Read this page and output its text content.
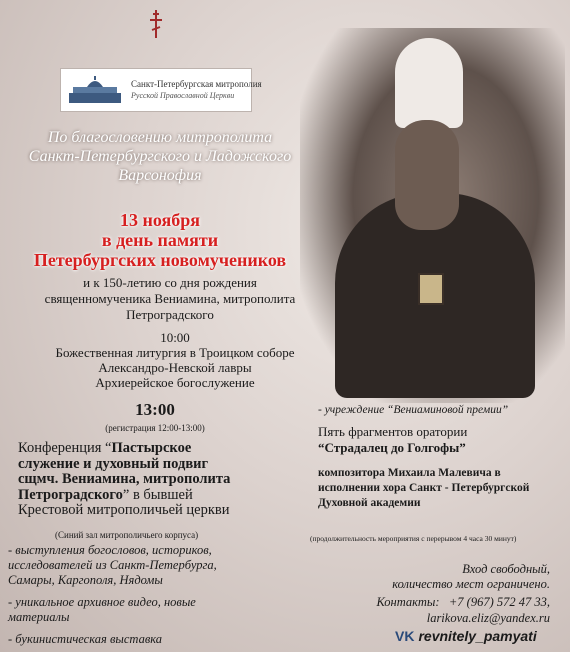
Санкт-Петербургская митрополия
Русской Православной Церкви
По благословению митрополита
Санкт-Петербургского и Ладожского
Варсонофия
13 ноября
в день памяти
Петербургских новомучеников
и к 150-летию со дня рождения
священномученика Вениамина, митрополита
Петроградского
10:00
Божественная литургия в Троицком соборе
Александро-Невской лавры
Архиерейское богослужение
13:00
(регистрация 12:00-13:00)
Конференция “Пастырское
служение и духовный подвиг
сщмч. Вениамина, митрополита
Петроградского” в бывшей
Крестовой митрополичьей церкви
(Синий зал митрополичьего корпуса)
- выступления богословов, историков,
исследователей из Санкт-Петербурга,
Самары, Каргополя, Нядомы
- уникальное архивное видео, новые
материалы
- букинистическая выставка
- учреждение “Вениаминовой премии”
Пять фрагментов оратории
“Страдалец до Голгофы”
композитора Михаила Малевича в
исполнении хора Санкт - Петербургской
Духовной академии
(продолжительность мероприятия с перерывом 4 часа 30 минут)
Вход свободный,
количество мест ограничено.
Контакты: +7 (967) 572 47 33,
larikova.eliz@yandex.ru
VK revnitely_pamyati
